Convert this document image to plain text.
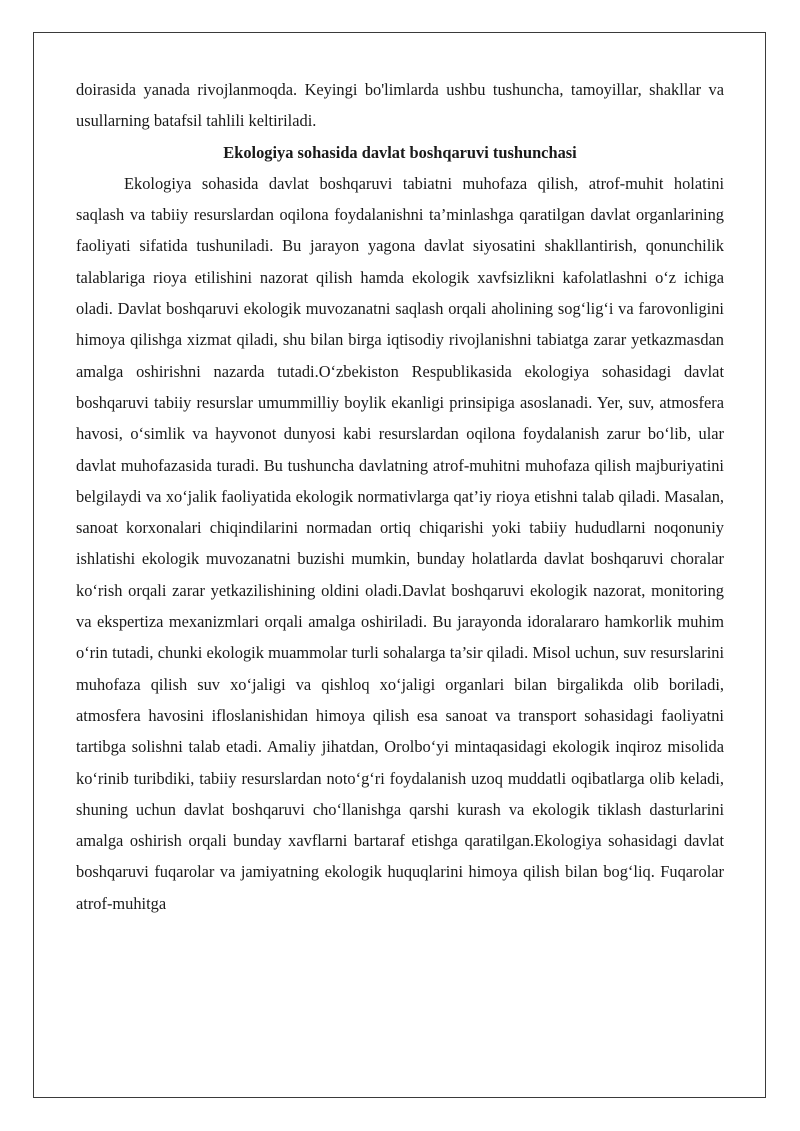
doirasida yanada rivojlanmoqda. Keyingi bo'limlarda ushbu tushuncha, tamoyillar, shakllar va usullarning batafsil tahlili keltiriladi.

Ekologiya sohasida davlat boshqaruvi tushunchasi

Ekologiya sohasida davlat boshqaruvi tabiatni muhofaza qilish, atrof-muhit holatini saqlash va tabiiy resurslardan oqilona foydalanishni ta’minlashga qaratilgan davlat organlarining faoliyati sifatida tushuniladi. Bu jarayon yagona davlat siyosatini shakllantirish, qonunchilik talablariga rioya etilishini nazorat qilish hamda ekologik xavfsizlikni kafolatlashni o‘z ichiga oladi. Davlat boshqaruvi ekologik muvozanatni saqlash orqali aholining sog‘lig‘i va farovonligini himoya qilishga xizmat qiladi, shu bilan birga iqtisodiy rivojlanishni tabiatga zarar yetkazmasdan amalga oshirishni nazarda tutadi.O‘zbekiston Respublikasida ekologiya sohasidagi davlat boshqaruvi tabiiy resurslar umummilliy boylik ekanligi prinsipiga asoslanadi. Yer, suv, atmosfera havosi, o‘simlik va hayvonot dunyosi kabi resurslardan oqilona foydalanish zarur bo‘lib, ular davlat muhofazasida turadi. Bu tushuncha davlatning atrof-muhitni muhofaza qilish majburiyatini belgilaydi va xo‘jalik faoliyatida ekologik normativlarga qat’iy rioya etishni talab qiladi. Masalan, sanoat korxonalari chiqindilarini normadan ortiq chiqarishi yoki tabiiy hududlarni noqonuniy ishlatishi ekologik muvozanatni buzishi mumkin, bunday holatlarda davlat boshqaruvi choralar ko‘rish orqali zarar yetkazilishining oldini oladi.Davlat boshqaruvi ekologik nazorat, monitoring va ekspertiza mexanizmlari orqali amalga oshiriladi. Bu jarayonda idoralararo hamkorlik muhim o‘rin tutadi, chunki ekologik muammolar turli sohalarga ta’sir qiladi. Misol uchun, suv resurslarini muhofaza qilish suv xo‘jaligi va qishloq xo‘jaligi organlari bilan birgalikda olib boriladi, atmosfera havosini ifloslanishidan himoya qilish esa sanoat va transport sohasidagi faoliyatni tartibga solishni talab etadi. Amaliy jihatdan, Orolbo‘yi mintaqasidagi ekologik inqiroz misolida ko‘rinib turibdiki, tabiiy resurslardan noto‘g‘ri foydalanish uzoq muddatli oqibatlarga olib keladi, shuning uchun davlat boshqaruvi cho‘llanishga qarshi kurash va ekologik tiklash dasturlarini amalga oshirish orqali bunday xavflarni bartaraf etishga qaratilgan.Ekologiya sohasidagi davlat boshqaruvi fuqarolar va jamiyatning ekologik huquqlarini himoya qilish bilan bog‘liq. Fuqarolar atrof-muhitga
